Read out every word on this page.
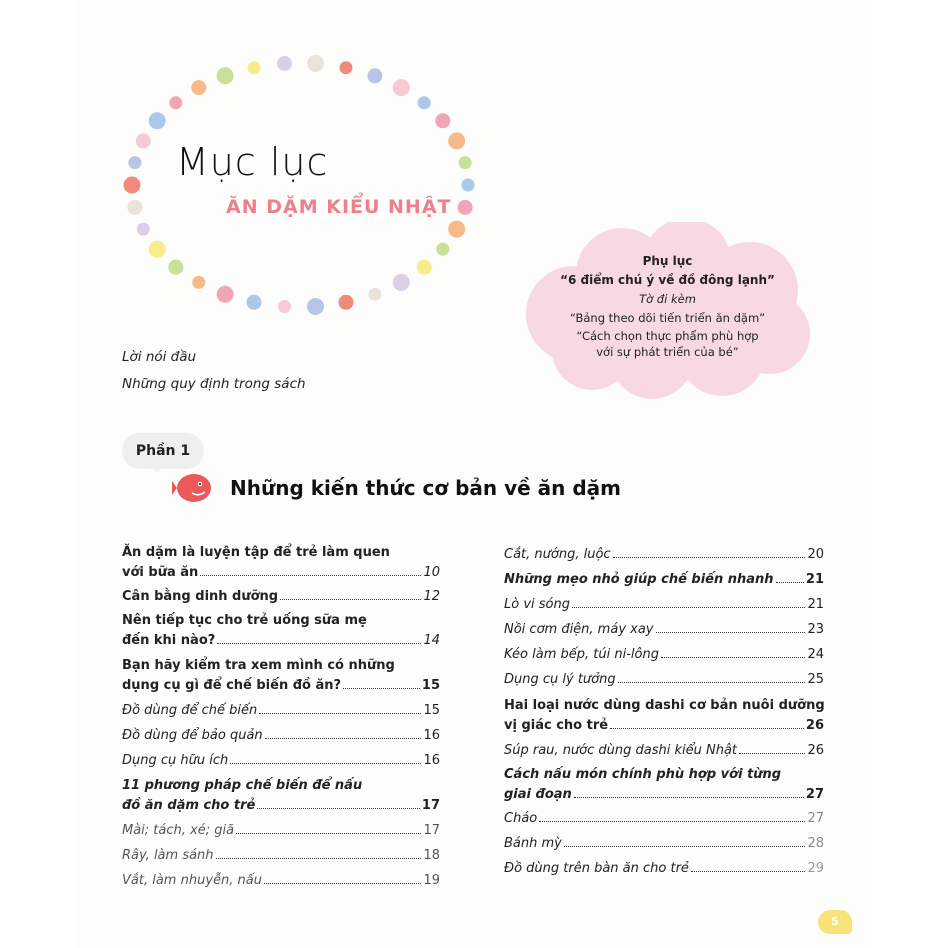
Mục lục
ĂN DẶM KIỂU NHẬT
Phụ lục
“6 điểm chú ý về đồ đông lạnh”
Tờ đi kèm
“Bảng theo dõi tiến triển ăn dặm”
“Cách chọn thực phẩm phù hợp
với sự phát triển của bé”
Lời nói đầu
Những quy định trong sách
Phần 1
Những kiến thức cơ bản về ăn dặm
Ăn dặm là luyện tập để trẻ làm quen
với bữa ăn	10
Cân bằng dinh dưỡng	12
Nên tiếp tục cho trẻ uống sữa mẹ
đến khi nào?	14
Bạn hãy kiểm tra xem mình có những
dụng cụ gì để chế biến đồ ăn?	15
Đồ dùng để chế biến	15
Đồ dùng để bảo quản	16
Dụng cụ hữu ích	16
11 phương pháp chế biến để nấu
đồ ăn dặm cho trẻ	17
Mài; tách, xé; giã	17
Rây, làm sánh	18
Vắt, làm nhuyễn, nấu	19
Cắt, nướng, luộc	20
Những mẹo nhỏ giúp chế biến nhanh 21
Lò vi sóng	21
Nồi cơm điện, máy xay	23
Kéo làm bếp, túi ni-lông	24
Dụng cụ lý tưởng	25
Hai loại nước dùng dashi cơ bản nuôi dưỡng
vị giác cho trẻ	26
Súp rau, nước dùng dashi kiểu Nhật	26
Cách nấu món chính phù hợp với từng
giai đoạn	27
Cháo	27
Bánh mỳ	28
Đồ dùng trên bàn ăn cho trẻ	29
5
